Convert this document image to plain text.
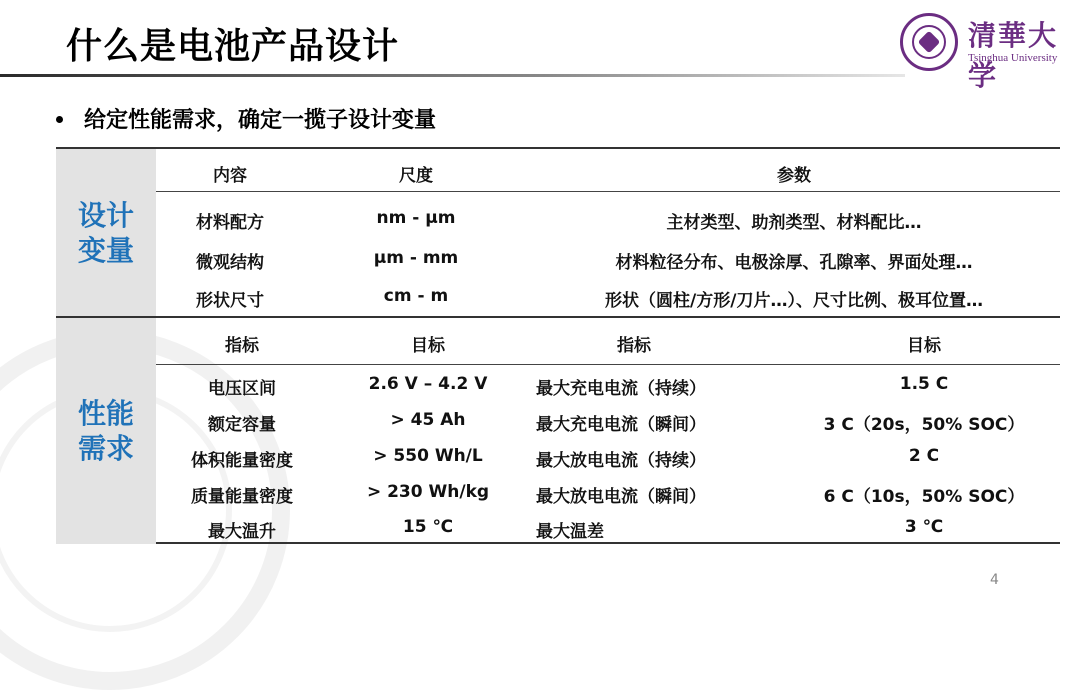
什么是电池产品设计	清華大学
Tsinghua University
给定性能需求，确定一揽子设计变量
设计
变量
内容	尺度	参数
材料配方	nm - μm	主材类型、助剂类型、材料配比…
微观结构	μm - mm	材料粒径分布、电极涂厚、孔隙率、界面处理…
形状尺寸	cm - m	形状（圆柱/方形/刀片…）、尺寸比例、极耳位置…
性能
需求
指标	目标	指标	目标
电压区间	2.6 V – 4.2 V	最大充电电流（持续）	1.5 C
额定容量	> 45 Ah	最大充电电流（瞬间）	3 C（20s，50% SOC）
体积能量密度	> 550 Wh/L	最大放电电流（持续）	2 C
质量能量密度	> 230 Wh/kg	最大放电电流（瞬间）	6 C（10s，50% SOC）
最大温升	15 ℃	最大温差	3 ℃
4
